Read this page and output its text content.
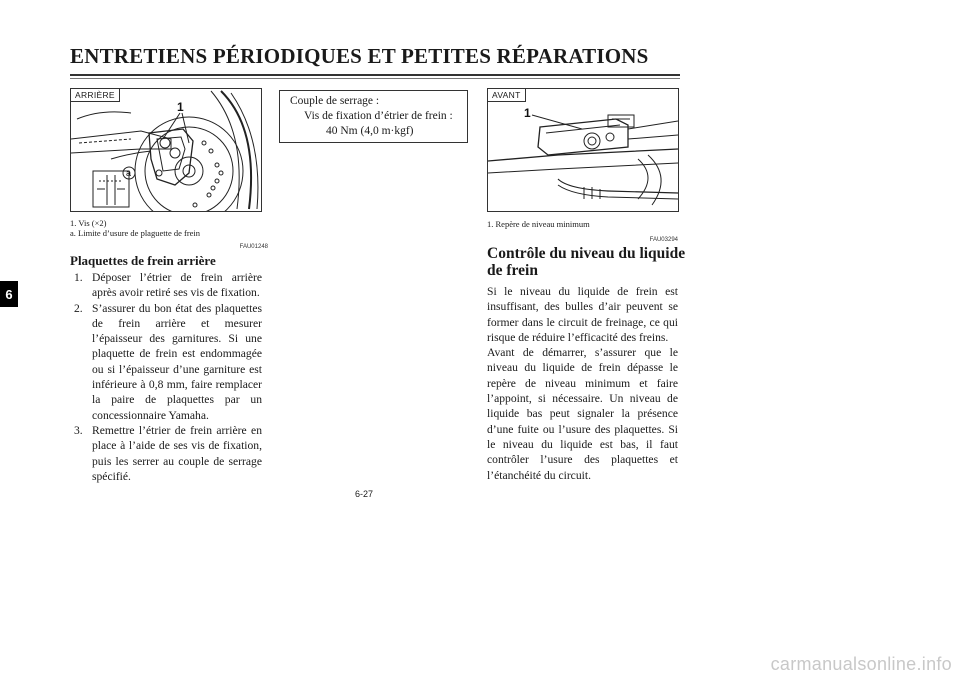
ENTRETIENS PÉRIODIQUES ET PETITES RÉPARATIONS
6
1
a
ARRIÈRE
1. Vis (×2)
a. Limite d’usure de plaguette de frein
FAU01248
Plaquettes de frein arrière
1. Déposer l’étrier de frein arrière après avoir retiré ses vis de fixation.
2. S’assurer du bon état des plaquettes de frein arrière et mesurer l’épaisseur des garnitures. Si une plaquette de frein est endommagée ou si l’épaisseur d’une garniture est inférieure à 0,8 mm, faire remplacer la paire de plaquettes par un concessionnaire Yamaha.
3. Remettre l’étrier de frein arrière en place à l’aide de ses vis de fixation, puis les serrer au couple de serrage spécifié.
Couple de serrage :
Vis de fixation d’étrier de frein :
40 Nm (4,0 m·kgf)
1
AVANT
1. Repère de niveau minimum
FAU03294
Contrôle du niveau du liquide
de frein

Si le niveau du liquide de frein est insuffisant, des bulles d’air peuvent se former dans le circuit de freinage, ce qui risque de réduire l’efficacité des freins.

Avant de démarrer, s’assurer que le niveau du liquide de frein dépasse le repère de niveau minimum et faire l’appoint, si nécessaire. Un niveau de liquide bas peut signaler la présence d’une fuite ou l’usure des plaquettes. Si le niveau du liquide est bas, il faut contrôler l’usure des plaquettes et l’étanchéité du circuit.

6-27
carmanualsonline.info
